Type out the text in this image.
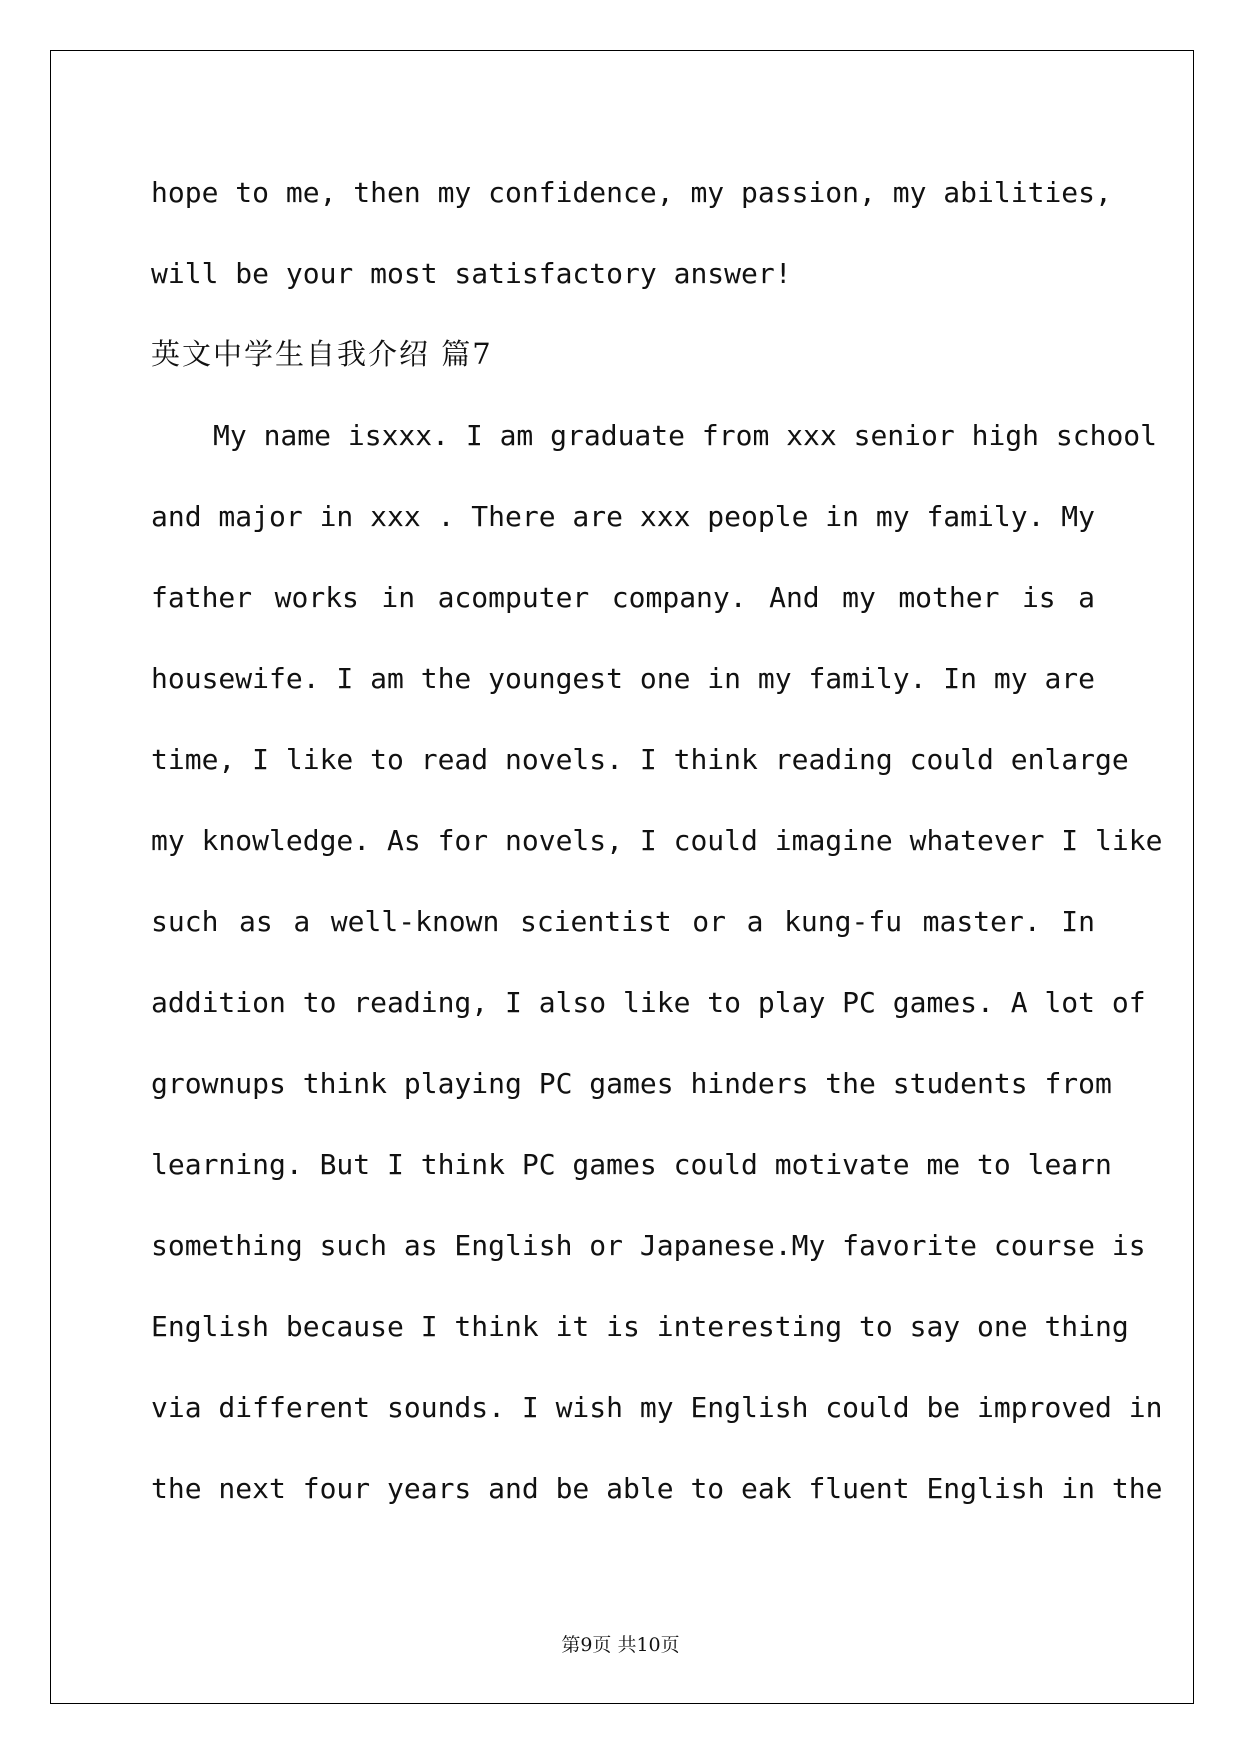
hope to me, then my confidence, my passion, my abilities,
will be your most satisfactory answer!
英文中学生自我介绍 篇7
My name isxxx. I am graduate from xxx senior high school
and major in xxx . There are xxx people in my family. My
father works in acomputer company. And my mother is a
housewife. I am the youngest one in my family. In my are
time, I like to read novels. I think reading could enlarge
my knowledge. As for novels, I could imagine whatever I like
such as a well-known scientist or a kung-fu master. In
addition to reading, I also like to play PC games. A lot of
grownups think playing PC games hinders the students from
learning. But I think PC games could motivate me to learn
something such as English or Japanese.My favorite course is
English because I think it is interesting to say one thing
via different sounds. I wish my English could be improved in
the next four years and be able to eak fluent English in the
第9页 共10页
